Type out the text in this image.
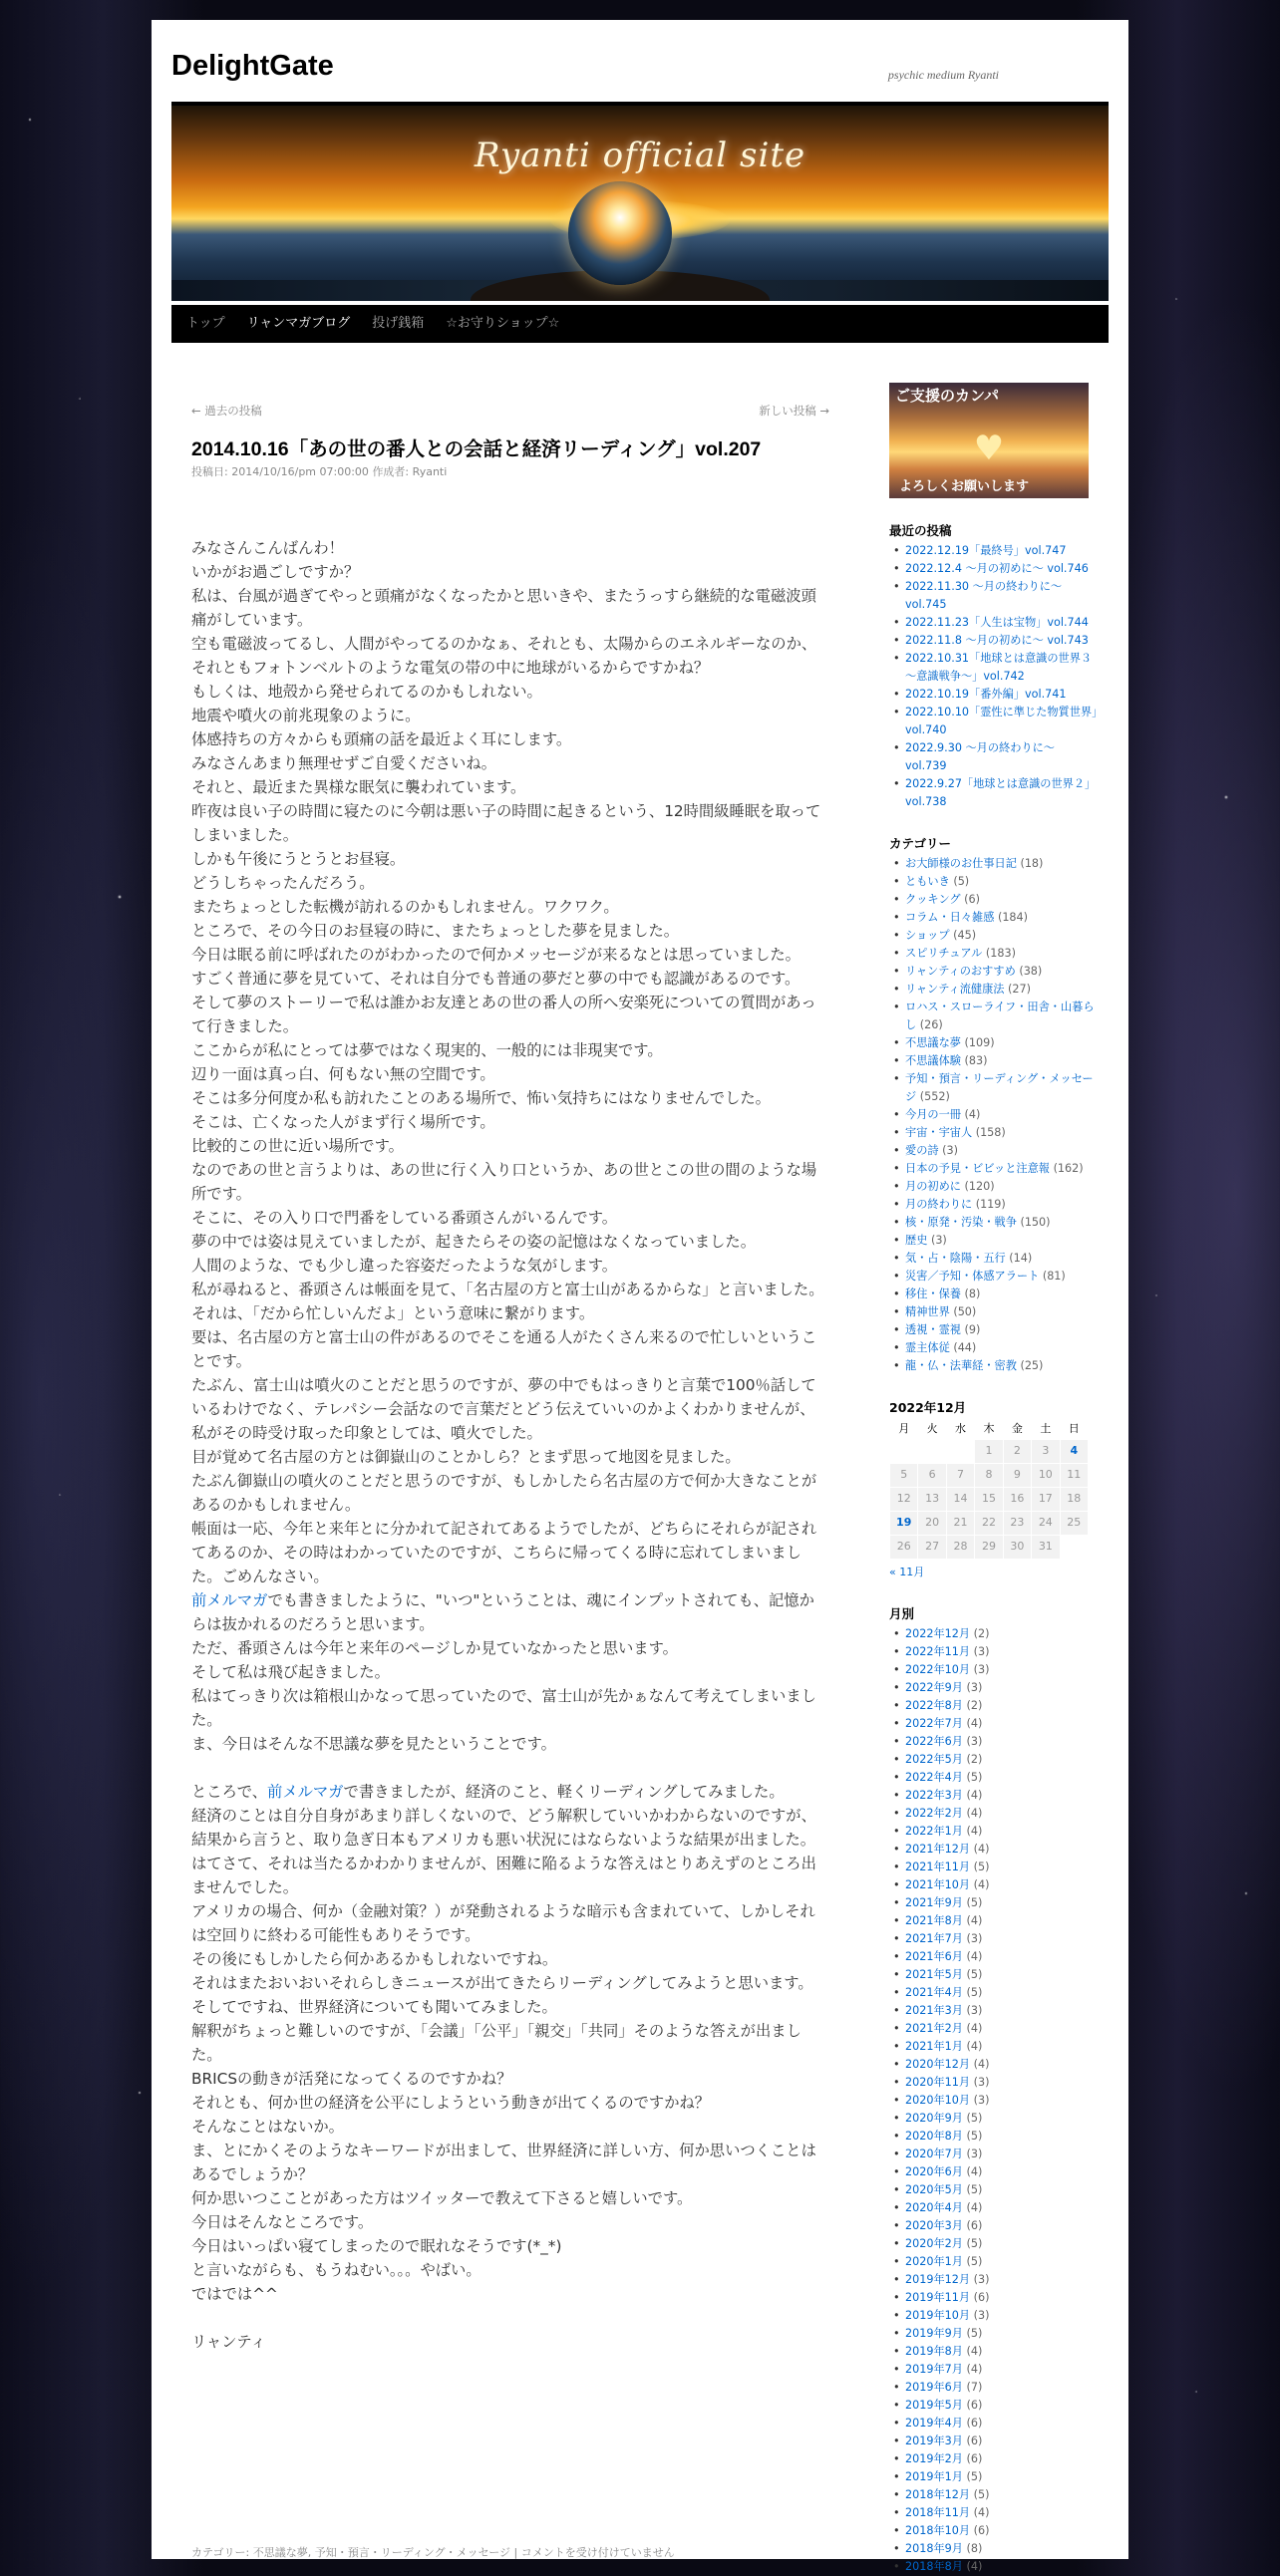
DelightGate	psychic medium Ryanti
Ryanti official site
トップ	リャンマガブログ	投げ銭箱	☆お守りショップ☆
← 過去の投稿	新しい投稿 →
2014.10.16「あの世の番人との会話と経済リーディング」vol.207
投稿日: 2014/10/16/pm 07:00:00 作成者: Ryanti

みなさんこんばんわ！

いかがお過ごしですか？

私は、台風が過ぎてやっと頭痛がなくなったかと思いきや、またうっすら継続的な電磁波頭痛がしています。

空も電磁波ってるし、人間がやってるのかなぁ、それとも、太陽からのエネルギーなのか、それともフォトンベルトのような電気の帯の中に地球がいるからですかね？

もしくは、地殻から発せられてるのかもしれない。

地震や噴火の前兆現象のように。

体感持ちの方々からも頭痛の話を最近よく耳にします。

みなさんあまり無理せずご自愛くださいね。

それと、最近また異様な眠気に襲われています。

昨夜は良い子の時間に寝たのに今朝は悪い子の時間に起きるという、12時間級睡眠を取ってしまいました。

しかも午後にうとうとお昼寝。

どうしちゃったんだろう。

またちょっとした転機が訪れるのかもしれません。ワクワク。

ところで、その今日のお昼寝の時に、またちょっとした夢を見ました。

今日は眠る前に呼ばれたのがわかったので何かメッセージが来るなとは思っていました。

すごく普通に夢を見ていて、それは自分でも普通の夢だと夢の中でも認識があるのです。

そして夢のストーリーで私は誰かお友達とあの世の番人の所へ安楽死についての質問があって行きました。

ここからが私にとっては夢ではなく現実的、一般的には非現実です。

辺り一面は真っ白、何もない無の空間です。

そこは多分何度か私も訪れたことのある場所で、怖い気持ちにはなりませんでした。

そこは、亡くなった人がまず行く場所です。

比較的この世に近い場所です。

なのであの世と言うよりは、あの世に行く入り口というか、あの世とこの世の間のような場所です。

そこに、その入り口で門番をしている番頭さんがいるんです。

夢の中では姿は見えていましたが、起きたらその姿の記憶はなくなっていました。

人間のような、でも少し違った容姿だったような気がします。

私が尋ねると、番頭さんは帳面を見て、「名古屋の方と富士山があるからな」と言いました。

それは、「だから忙しいんだよ」という意味に繋がります。

要は、名古屋の方と富士山の件があるのでそこを通る人がたくさん来るので忙しいということです。

たぶん、富士山は噴火のことだと思うのですが、夢の中でもはっきりと言葉で100％話しているわけでなく、テレパシー会話なので言葉だとどう伝えていいのかよくわかりませんが、私がその時受け取った印象としては、噴火でした。

目が覚めて名古屋の方とは御嶽山のことかしら？とまず思って地図を見ました。

たぶん御嶽山の噴火のことだと思うのですが、もしかしたら名古屋の方で何か大きなことがあるのかもしれません。

帳面は一応、今年と来年とに分かれて記されてあるようでしたが、どちらにそれらが記されてあるのか、その時はわかっていたのですが、こちらに帰ってくる時に忘れてしまいました。ごめんなさい。

前メルマガでも書きましたように、"いつ"ということは、魂にインプットされても、記憶からは抜かれるのだろうと思います。

ただ、番頭さんは今年と来年のページしか見ていなかったと思います。

そして私は飛び起きました。

私はてっきり次は箱根山かなって思っていたので、富士山が先かぁなんて考えてしまいました。

ま、今日はそんな不思議な夢を見たということです。

ところで、前メルマガで書きましたが、経済のこと、軽くリーディングしてみました。

経済のことは自分自身があまり詳しくないので、どう解釈していいかわからないのですが、結果から言うと、取り急ぎ日本もアメリカも悪い状況にはならないような結果が出ました。

はてさて、それは当たるかわかりませんが、困難に陥るような答えはとりあえずのところ出ませんでした。

アメリカの場合、何か（金融対策？）が発動されるような暗示も含まれていて、しかしそれは空回りに終わる可能性もありそうです。

その後にもしかしたら何かあるかもしれないですね。

それはまたおいおいそれらしきニュースが出てきたらリーディングしてみようと思います。

そしてですね、世界経済についても聞いてみました。

解釈がちょっと難しいのですが、「会議」「公平」「親交」「共同」そのような答えが出ました。

BRICSの動きが活発になってくるのですかね？

それとも、何か世の経済を公平にしようという動きが出てくるのですかね？

そんなことはないか。

ま、とにかくそのようなキーワードが出まして、世界経済に詳しい方、何か思いつくことはあるでしょうか？

何か思いつこことがあった方はツイッターで教えて下さると嬉しいです。

今日はそんなところです。

今日はいっぱい寝てしまったので眠れなそうです(*_*)

と言いながらも、もうねむい。。。やばい。

ではでは^^

リャンティ

カテゴリー: 不思議な夢, 予知・預言・リーディング・メッセージ | コメントを受け付けていません
ご支援のカンパ
♥
よろしくお願いします
最近の投稿
• 2022.12.19「最終号」vol.747
• 2022.12.4 ～月の初めに～ vol.746
• 2022.11.30 ～月の終わりに～ vol.745
• 2022.11.23「人生は宝物」vol.744
• 2022.11.8 ～月の初めに～ vol.743
• 2022.10.31「地球とは意識の世界３～意識戦争～」vol.742
• 2022.10.19「番外編」vol.741
• 2022.10.10「霊性に準じた物質世界」vol.740
• 2022.9.30 ～月の終わりに～ vol.739
• 2022.9.27「地球とは意識の世界２」vol.738
カテゴリー
• お大師様のお仕事日記 (18)
• ともいき (5)
• クッキング (6)
• コラム・日々雑感 (184)
• ショップ (45)
• スピリチュアル (183)
• リャンティのおすすめ (38)
• リャンティ流健康法 (27)
• ロハス・スローライフ・田舎・山暮らし (26)
• 不思議な夢 (109)
• 不思議体験 (83)
• 予知・預言・リーディング・メッセージ (552)
• 今月の一冊 (4)
• 宇宙・宇宙人 (158)
• 愛の詩 (3)
• 日本の予見・ビビッと注意報 (162)
• 月の初めに (120)
• 月の終わりに (119)
• 核・原発・汚染・戦争 (150)
• 歴史 (3)
• 気・占・陰陽・五行 (14)
• 災害／予知・体感アラート (81)
• 移住・保養 (8)
• 精神世界 (50)
• 透視・霊視 (9)
• 霊主体従 (44)
• 龍・仏・法華経・密教 (25)
2022年12月
月	火	水	木	金	土	日
			1	2	3	4
5	6	7	8	9	10	11
12	13	14	15	16	17	18
19	20	21	22	23	24	25
26	27	28	29	30	31	
« 11月
月別
• 2022年12月 (2)
• 2022年11月 (3)
• 2022年10月 (3)
• 2022年9月 (3)
• 2022年8月 (2)
• 2022年7月 (4)
• 2022年6月 (3)
• 2022年5月 (2)
• 2022年4月 (5)
• 2022年3月 (4)
• 2022年2月 (4)
• 2022年1月 (4)
• 2021年12月 (4)
• 2021年11月 (5)
• 2021年10月 (4)
• 2021年9月 (5)
• 2021年8月 (4)
• 2021年7月 (3)
• 2021年6月 (4)
• 2021年5月 (5)
• 2021年4月 (5)
• 2021年3月 (3)
• 2021年2月 (4)
• 2021年1月 (4)
• 2020年12月 (4)
• 2020年11月 (3)
• 2020年10月 (3)
• 2020年9月 (5)
• 2020年8月 (5)
• 2020年7月 (3)
• 2020年6月 (4)
• 2020年5月 (5)
• 2020年4月 (4)
• 2020年3月 (6)
• 2020年2月 (5)
• 2020年1月 (5)
• 2019年12月 (3)
• 2019年11月 (6)
• 2019年10月 (3)
• 2019年9月 (5)
• 2019年8月 (4)
• 2019年7月 (4)
• 2019年6月 (7)
• 2019年5月 (6)
• 2019年4月 (6)
• 2019年3月 (6)
• 2019年2月 (6)
• 2019年1月 (5)
• 2018年12月 (5)
• 2018年11月 (4)
• 2018年10月 (6)
• 2018年9月 (8)
• 2018年8月 (4)
